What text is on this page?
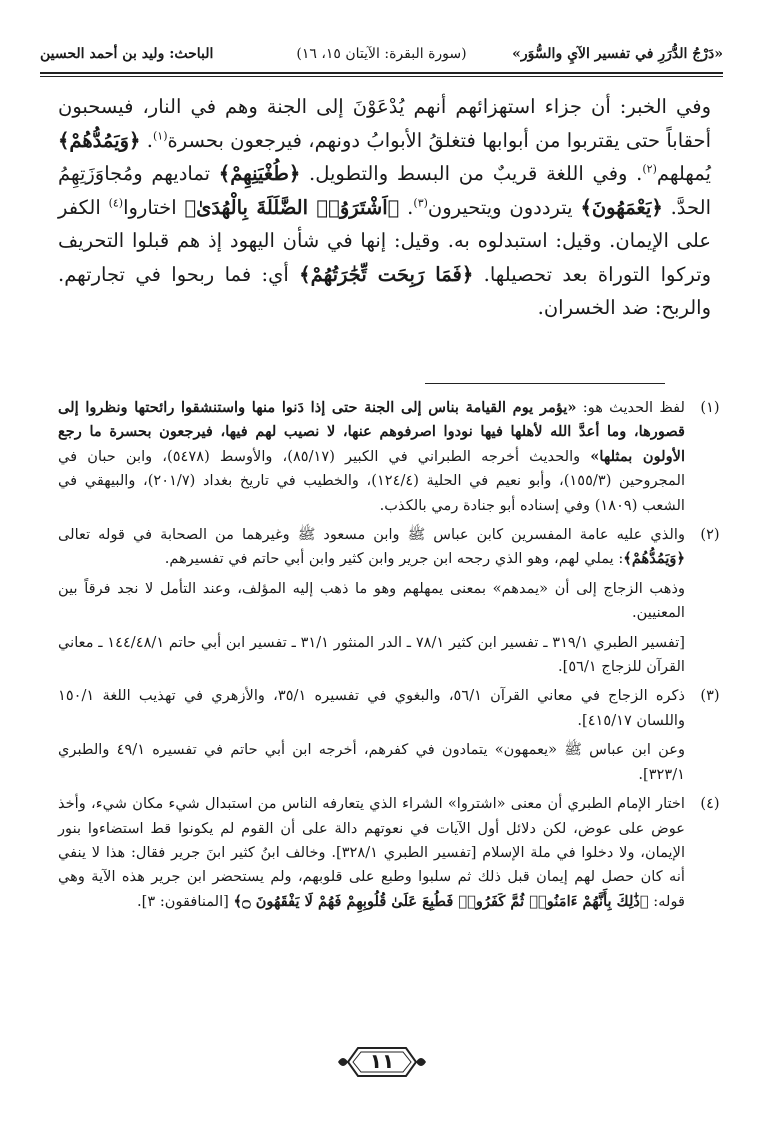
«دَرْجُ الدُّرَرِ في تفسير الآيِ والسُّوَر»
(سورة البقرة: الآيتان ١٥، ١٦)
الباحث: وليد بن أحمد الحسين

وفي الخبر: أن جزاء استهزائهم أنهم يُدْعَوْنَ إلى الجنة وهم في النار، فيسحبون أحقاباً حتى يقتربوا من أبوابها فتغلقُ الأبوابُ دونهم، فيرجعون بحسرة$^{(١)}$. ﴿وَيَمُدُّهُمْ﴾ يُمهلهم$^{(٢)}$. وفي اللغة قريبٌ من البسط والتطويل. ﴿طُغْيَنِهِمْ﴾ تماديهم ومُجاوَزَتِهِمُ الحدَّ. ﴿يَعْمَهُونَ﴾ يترددون ويتحيرون$^{(٣)}$. ﴿اَشْتَرَوُا۟ الضَّلَلَةَ بِالْهُدَىٰ﴾ اختاروا$^{(٤)}$ الكفر على الإيمان. وقيل: استبدلوه به. وقيل: إنها في شأن اليهود إذ هم قبلوا التحريف وتركوا التوراة بعد تحصيلها. ﴿فَمَا رَبِحَت تِّجَٰرَتُهُمْ﴾ أي: فما ربحوا في تجارتهم. والربح: ضد الخسران.

(١)

لفظ الحديث هو: «يؤمر يوم القيامة بناس إلى الجنة حتى إذا دَنوا منها واستنشقوا رائحتها ونظروا إلى قصورها، وما أعدَّ الله لأهلها فيها نودوا اصرفوهم عنها، لا نصيب لهم فيها، فيرجعون بحسرة ما رجع الأولون بمثلها» والحديث أخرجه الطبراني في الكبير (٨٥/١٧)، والأوسط (٥٤٧٨)، وابن حبان في المجروحين (١٥٥/٣)، وأبو نعيم في الحلية (١٢٤/٤)، والخطيب في تاريخ بغداد (٢٠١/٧)، والبيهقي في الشعب (١٨٠٩) وفي إسناده أبو جنادة رمي بالكذب.

(٢)

والذي عليه عامة المفسرين كابن عباس ﷺ وابن مسعود ﷺ وغيرهما من الصحابة في قوله تعالى ﴿وَيَمُدُّهُمْ﴾: يملي لهم، وهو الذي رجحه ابن جرير وابن كثير وابن أبي حاتم في تفسيرهم.

وذهب الزجاج إلى أن «يمدهم» بمعنى يمهلهم وهو ما ذهب إليه المؤلف، وعند التأمل لا نجد فرقاً بين المعنيين.

[تفسير الطبري ٣١٩/١ ـ تفسير ابن كثير ٧٨/١ ـ الدر المنثور ٣١/١ ـ تفسير ابن أبي حاتم ١٤٤/٤٨/١ ـ معاني القرآن للزجاج ٥٦/١].

(٣)

ذكره الزجاج في معاني القرآن ٥٦/١، والبغوي في تفسيره ٣٥/١، والأزهري في تهذيب اللغة ١٥٠/١ واللسان ٤١٥/١٧].

وعن ابن عباس ﷺ «يعمهون» يتمادون في كفرهم، أخرجه ابن أبي حاتم في تفسيره ٤٩/١ والطبري ٣٢٣/١].

(٤)

اختار الإمام الطبري أن معنى «اشتروا» الشراء الذي يتعارفه الناس من استبدال شيء مكان شيء، وأخذ عوض على عوض، لكن دلائل أول الآيات في نعوتهم دالة على أن القوم لم يكونوا قط استضاءوا بنور الإيمان، ولا دخلوا في ملة الإسلام [تفسير الطبري ٣٢٨/١]. وخالف ابنُ كثير ابنَ جرير فقال: هذا لا ينفي أنه كان حصل لهم إيمان قبل ذلك ثم سلبوا وطبع على قلوبهم، ولم يستحضر ابن جرير هذه الآية وهي قوله: ﴿ذَٰلِكَ بِأَنَّهُمْ ءَامَنُوا۟ ثُمَّ كَفَرُوا۟ فَطُبِعَ عَلَىٰ قُلُوبِهِمْ فَهُمْ لَا يَفْقَهُونَ ۝﴾ [المنافقون: ٣].

١١
